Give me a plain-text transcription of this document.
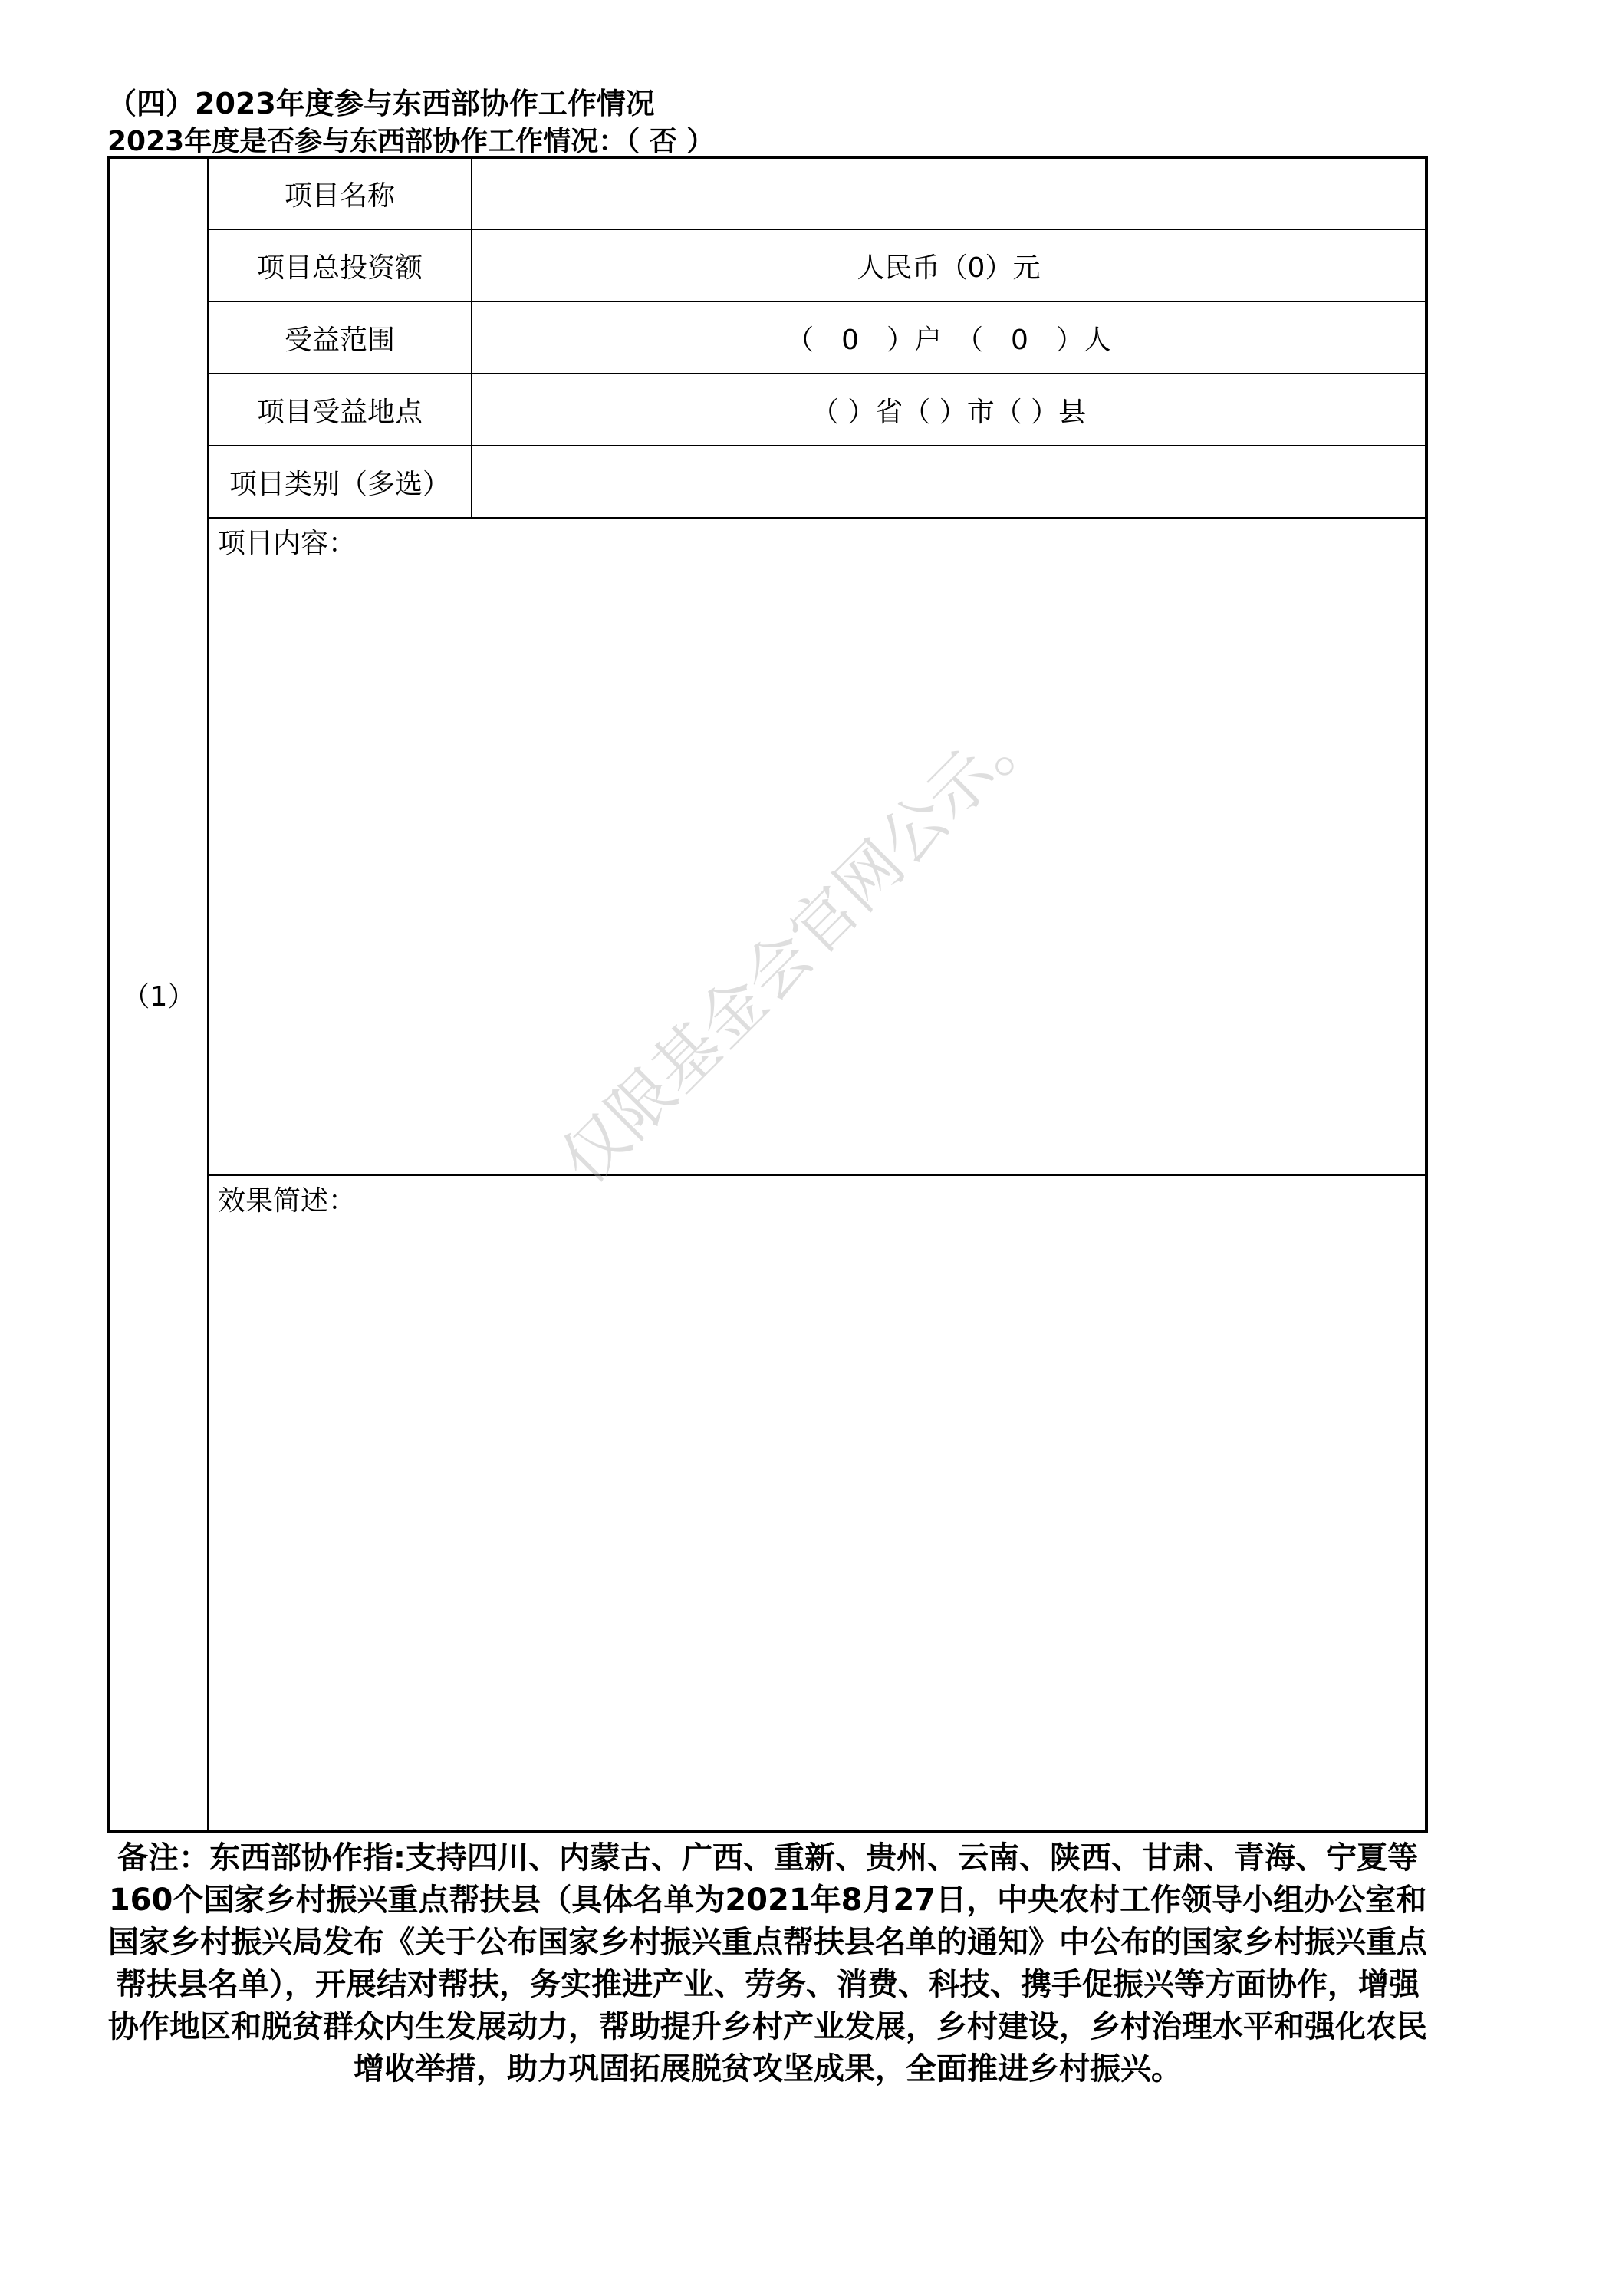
（四）2023年度参与东西部协作工作情况
2023年度是否参与东西部协作工作情况：（ 否 ）
（1）	项目名称	
	项目总投资额	人民币（0）元
	受益范围	（　0　）户　（　0　）人
	项目受益地点	（ ）省（ ）市（ ）县
	项目类别（多选）	
	项目内容：	
	效果简述：	
备注：东西部协作指:支持四川、内蒙古、广西、重新、贵州、云南、陕西、甘肃、青海、宁夏等160个国家乡村振兴重点帮扶县（具体名单为2021年8月27日，中央农村工作领导小组办公室和国家乡村振兴局发布《关于公布国家乡村振兴重点帮扶县名单的通知》中公布的国家乡村振兴重点帮扶县名单），开展结对帮扶，务实推进产业、劳务、消费、科技、携手促振兴等方面协作，增强协作地区和脱贫群众内生发展动力，帮助提升乡村产业发展，乡村建设，乡村治理水平和强化农民增收举措，助力巩固拓展脱贫攻坚成果，全面推进乡村振兴。
仅限基金会官网公示。
